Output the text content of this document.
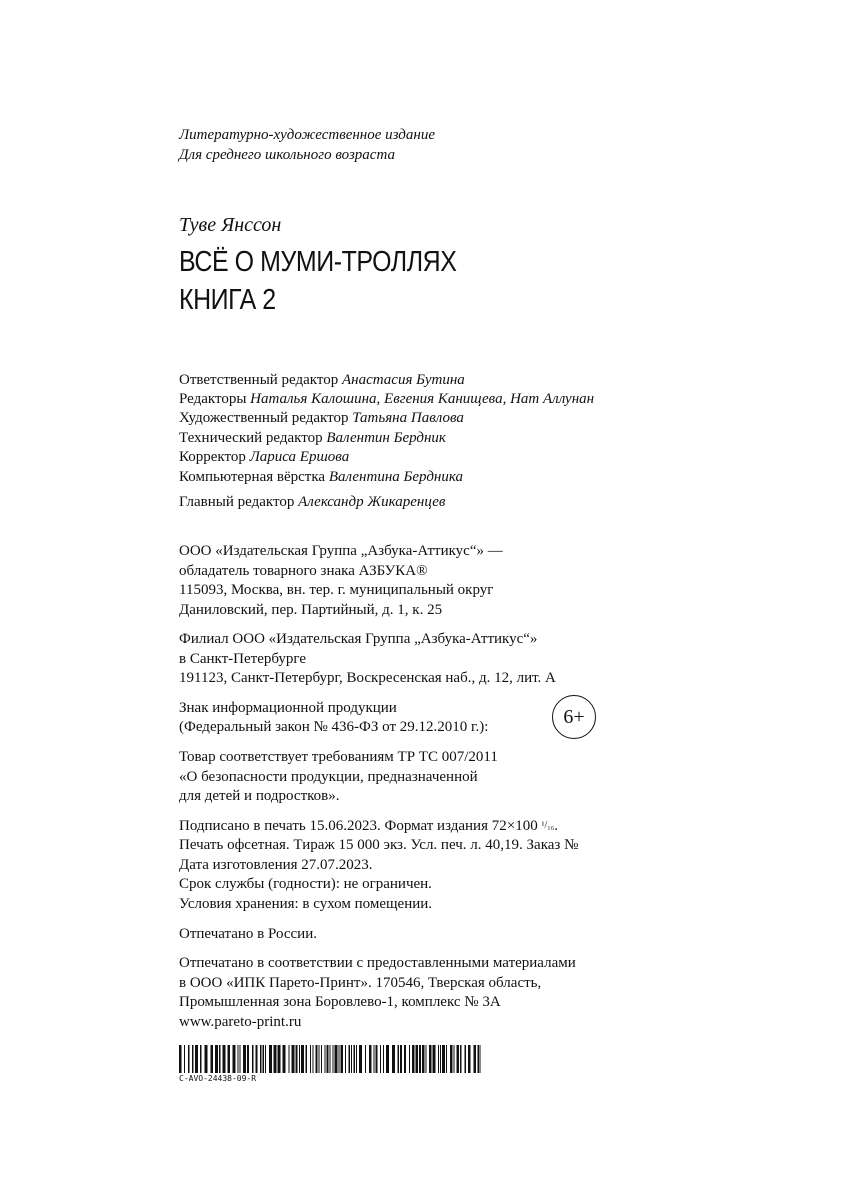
Литературно-художественное издание
Для среднего школьного возраста
Туве Янссон
ВСЁ О МУМИ-ТРОЛЛЯХ
КНИГА 2
Ответственный редактор Анастасия Бутина
Редакторы Наталья Калошина, Евгения Канищева, Нат Аллунан
Художественный редактор Татьяна Павлова
Технический редактор Валентин Бердник
Корректор Лариса Ершова
Компьютерная вёрстка Валентина Бердника
Главный редактор Александр Жикаренцев
ООО «Издательская Группа „Азбука-Аттикус“» —
обладатель товарного знака АЗБУКА®
115093, Москва, вн. тер. г. муниципальный округ
Даниловский, пер. Партийный, д. 1, к. 25
Филиал ООО «Издательская Группа „Азбука-Аттикус“»
в Санкт-Петербурге
191123, Санкт-Петербург, Воскресенская наб., д. 12, лит. А
Знак информационной продукции
(Федеральный закон № 436-ФЗ от 29.12.2010 г.):	6+
Товар соответствует требованиям ТР ТС 007/2011
«О безопасности продукции, предназначенной
для детей и подростков».
Подписано в печать 15.06.2023. Формат издания 72×100 ¹/₁₆.
Печать офсетная. Тираж 15 000 экз. Усл. печ. л. 40,19. Заказ №
Дата изготовления 27.07.2023.
Срок службы (годности): не ограничен.
Условия хранения: в сухом помещении.
Отпечатано в России.
Отпечатано в соответствии с предоставленными материалами
в ООО «ИПК Парето-Принт». 170546, Тверская область,
Промышленная зона Боровлево-1, комплекс № 3А
www.pareto-print.ru
C-AVO-24438-09-R
